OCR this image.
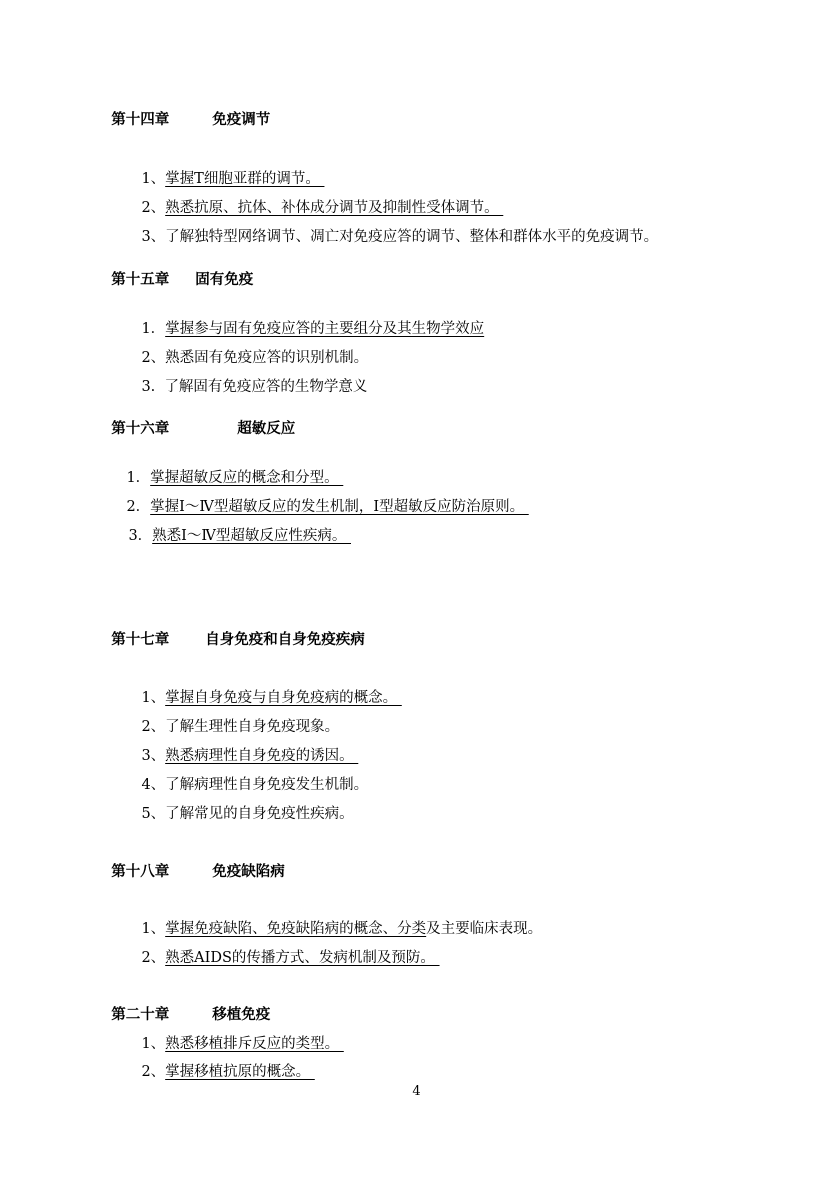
第十四章	免疫调节

1、掌握T细胞亚群的调节。

2、熟悉抗原、抗体、补体成分调节及抑制性受体调节。

3、了解独特型网络调节、凋亡对免疫应答的调节、整体和群体水平的免疫调节。

第十五章 固有免疫

1．掌握参与固有免疫应答的主要组分及其生物学效应

2、熟悉固有免疫应答的识别机制。

3. 了解固有免疫应答的生物学意义

第十六章	超敏反应

1．掌握超敏反应的概念和分型。

2．掌握Ⅰ～Ⅳ型超敏反应的发生机制，Ⅰ型超敏反应防治原则。

3．熟悉Ⅰ～Ⅳ型超敏反应性疾病。

第十七章 自身免疫和自身免疫疾病

1、掌握自身免疫与自身免疫病的概念。

2、了解生理性自身免疫现象。

3、熟悉病理性自身免疫的诱因。

4、了解病理性自身免疫发生机制。

5、了解常见的自身免疫性疾病。

第十八章	免疫缺陷病

1、掌握免疫缺陷、免疫缺陷病的概念、分类及主要临床表现。

2、熟悉AIDS的传播方式、发病机制及预防。

第二十章	移植免疫

1、熟悉移植排斥反应的类型。

2、掌握移植抗原的概念。

4
